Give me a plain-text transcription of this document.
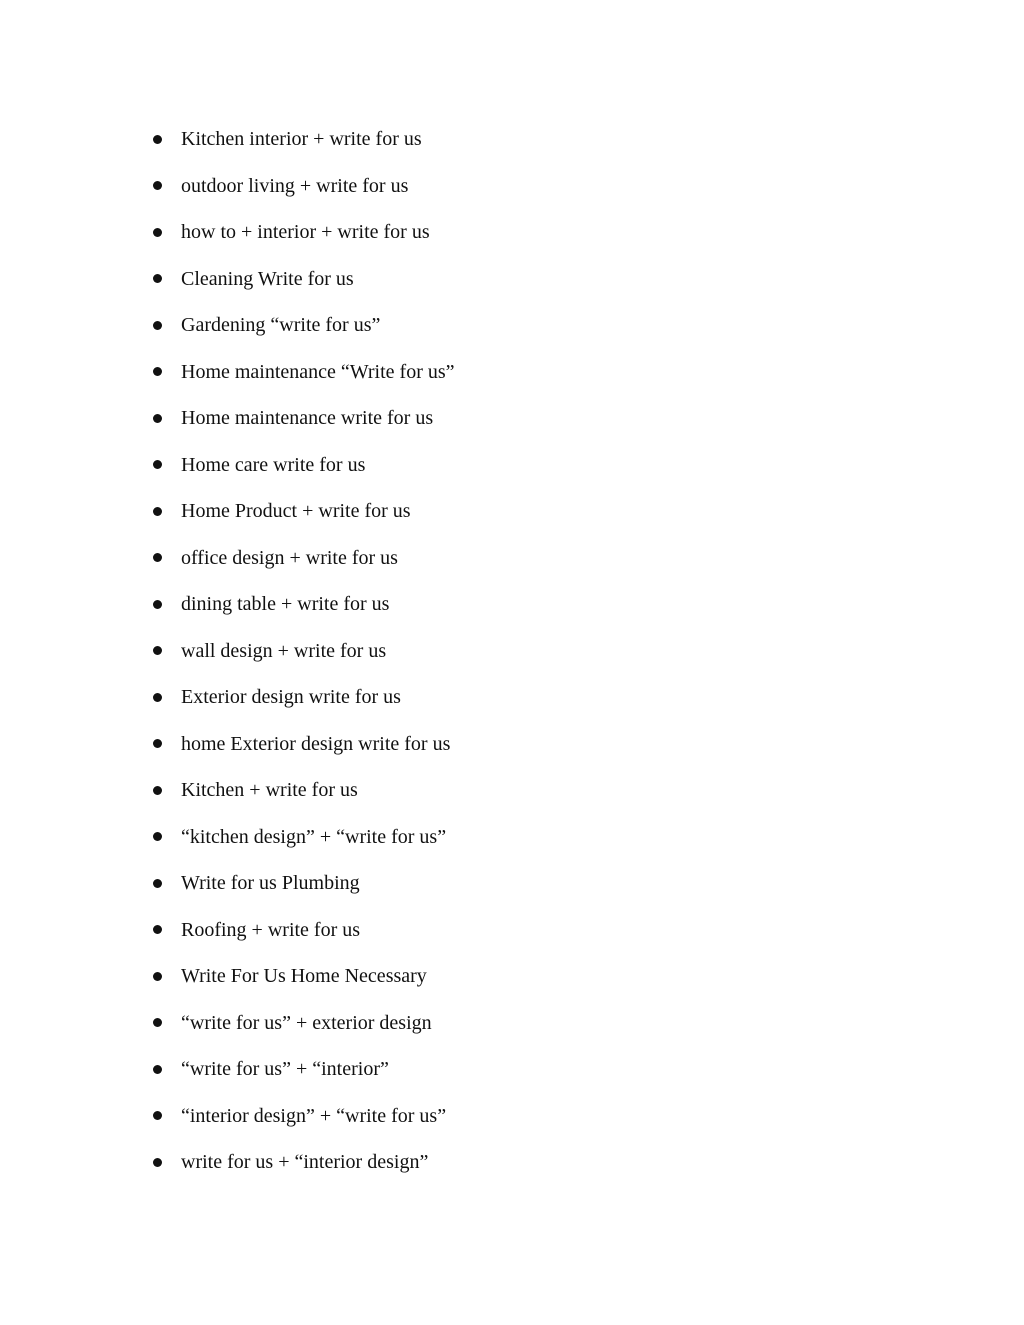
Kitchen interior + write for us
outdoor living + write for us
how to + interior + write for us
Cleaning Write for us
Gardening “write for us”
Home maintenance “Write for us”
Home maintenance write for us
Home care write for us
Home Product + write for us
office design + write for us
dining table + write for us
wall design + write for us
Exterior design write for us
home Exterior design write for us
Kitchen + write for us
“kitchen design” + “write for us”
Write for us Plumbing
Roofing + write for us
Write For Us Home Necessary
“write for us” + exterior design
“write for us” + “interior”
“interior design” + “write for us”
write for us + “interior design”
